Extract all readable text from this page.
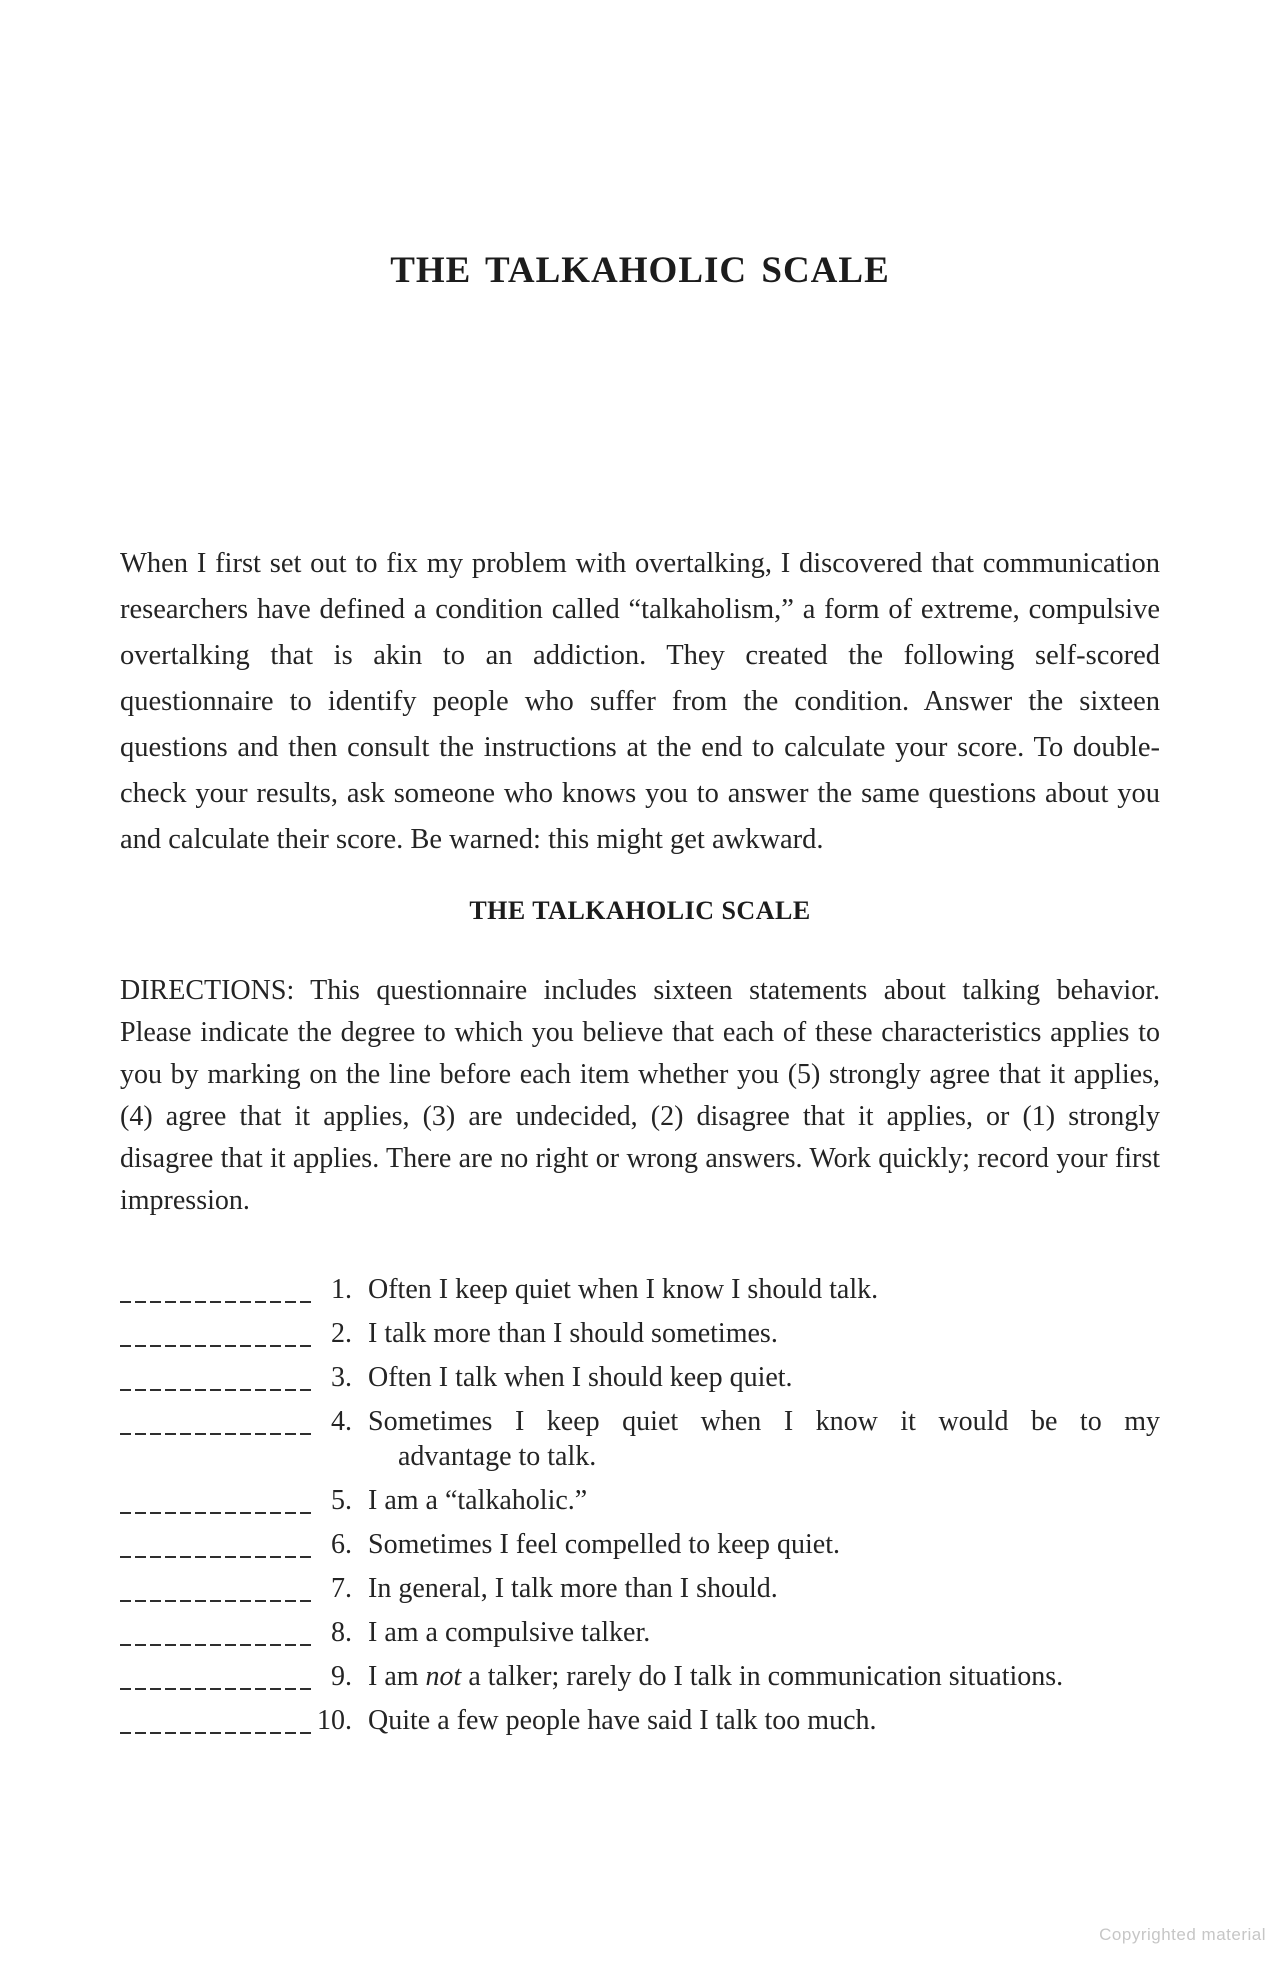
THE TALKAHOLIC SCALE

When I first set out to fix my problem with overtalking, I discovered that communication researchers have defined a condition called “talkaholism,” a form of extreme, compulsive overtalking that is akin to an addiction. They created the following self-scored questionnaire to identify people who suffer from the condition. Answer the sixteen questions and then consult the instructions at the end to calculate your score. To double-check your results, ask someone who knows you to answer the same questions about you and calculate their score. Be warned: this might get awkward.

THE TALKAHOLIC SCALE

DIRECTIONS: This questionnaire includes sixteen statements about talking behavior. Please indicate the degree to which you believe that each of these characteristics applies to you by marking on the line before each item whether you (5) strongly agree that it applies, (4) agree that it applies, (3) are undecided, (2) disagree that it applies, or (1) strongly disagree that it applies. There are no right or wrong answers. Work quickly; record your first impression.

1. Often I keep quiet when I know I should talk.
2. I talk more than I should sometimes.
3. Often I talk when I should keep quiet.
4. Sometimes I keep quiet when I know it would be to my
advantage to talk.
5. I am a “talkaholic.”
6. Sometimes I feel compelled to keep quiet.
7. In general, I talk more than I should.
8. I am a compulsive talker.
9. I am not a talker; rarely do I talk in communication situations.
10. Quite a few people have said I talk too much.
Copyrighted material
